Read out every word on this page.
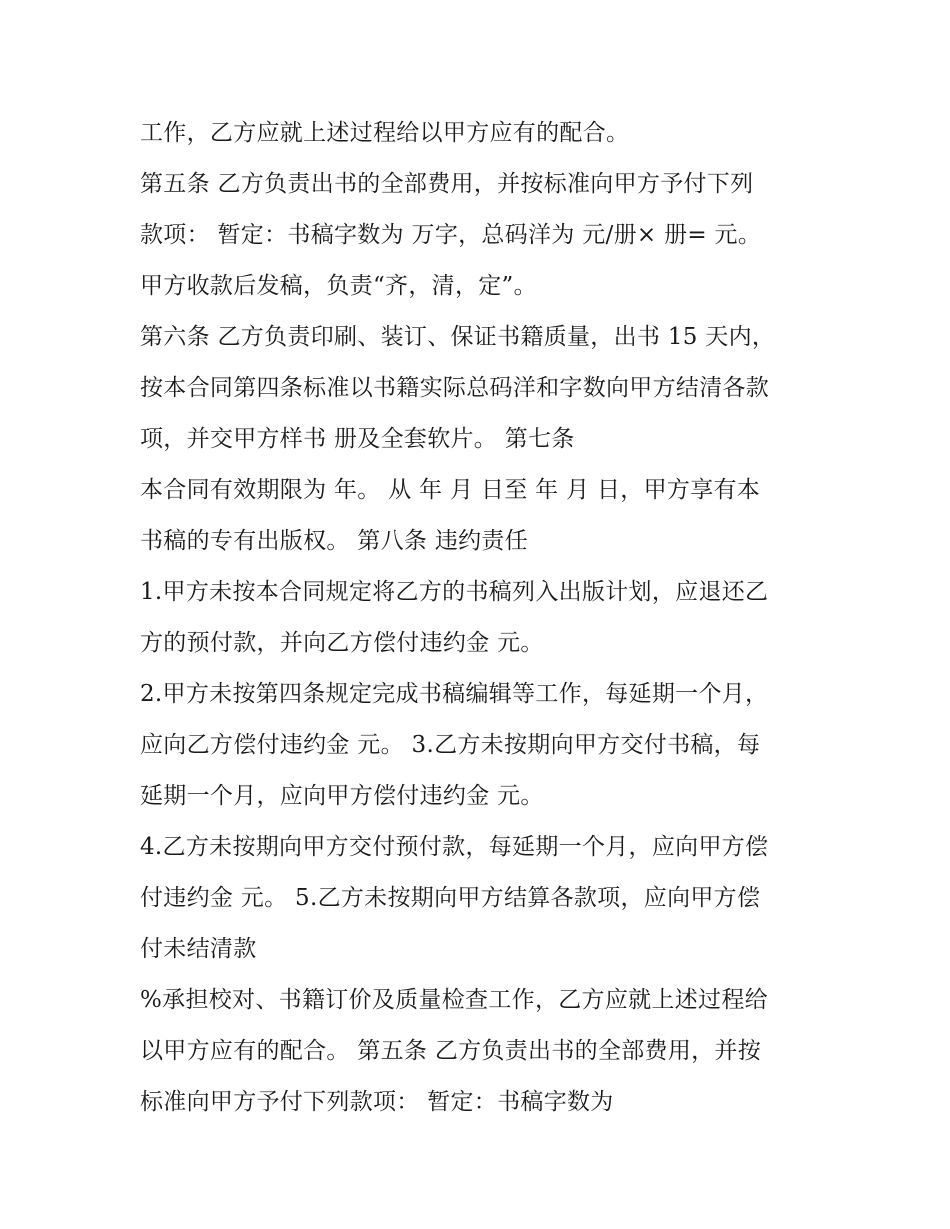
工作，乙方应就上述过程给以甲方应有的配合。
第五条 乙方负责出书的全部费用，并按标准向甲方予付下列
款项： 暂定：书稿字数为 万字，总码洋为 元/册× 册= 元。
甲方收款后发稿，负责“齐，清，定”。
第六条 乙方负责印刷、装订、保证书籍质量，出书 15 天内，
按本合同第四条标准以书籍实际总码洋和字数向甲方结清各款
项，并交甲方样书 册及全套软片。 第七条
本合同有效期限为 年。 从 年 月 日至 年 月 日，甲方享有本
书稿的专有出版权。 第八条 违约责任
1.甲方未按本合同规定将乙方的书稿列入出版计划，应退还乙
方的预付款，并向乙方偿付违约金 元。
2.甲方未按第四条规定完成书稿编辑等工作，每延期一个月，
应向乙方偿付违约金 元。 3.乙方未按期向甲方交付书稿，每
延期一个月，应向甲方偿付违约金 元。
4.乙方未按期向甲方交付预付款，每延期一个月，应向甲方偿
付违约金 元。 5.乙方未按期向甲方结算各款项，应向甲方偿
付未结清款
%承担校对、书籍订价及质量检查工作，乙方应就上述过程给
以甲方应有的配合。 第五条 乙方负责出书的全部费用，并按
标准向甲方予付下列款项： 暂定：书稿字数为
